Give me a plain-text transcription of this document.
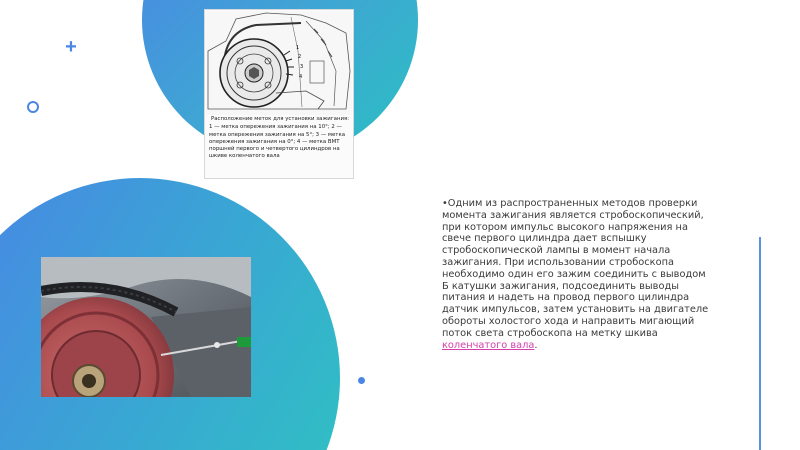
+	1
2
3
4
Расположение меток для установки зажигания:
1 — метка опережения зажигания на 10°; 2 — метка опережения зажигания на 5°; 3 — метка опережения зажигания на 0°; 4 — метка ВМТ поршней первого и четвертого цилиндров на шкиве коленчатого вала
•Одним из распространенных методов проверки момента зажигания является стробоскопический, при котором импульс высокого напряжения на свече первого цилиндра дает вспышку стробоскопической лампы в момент начала зажигания. При использовании стробоскопа необходимо один его зажим соединить с выводом Б катушки зажигания, подсоединить выводы питания и надеть на провод первого цилиндра датчик импульсов, затем установить на двигателе обороты холостого хода и направить мигающий поток света стробоскопа на метку шкива коленчатого вала.
